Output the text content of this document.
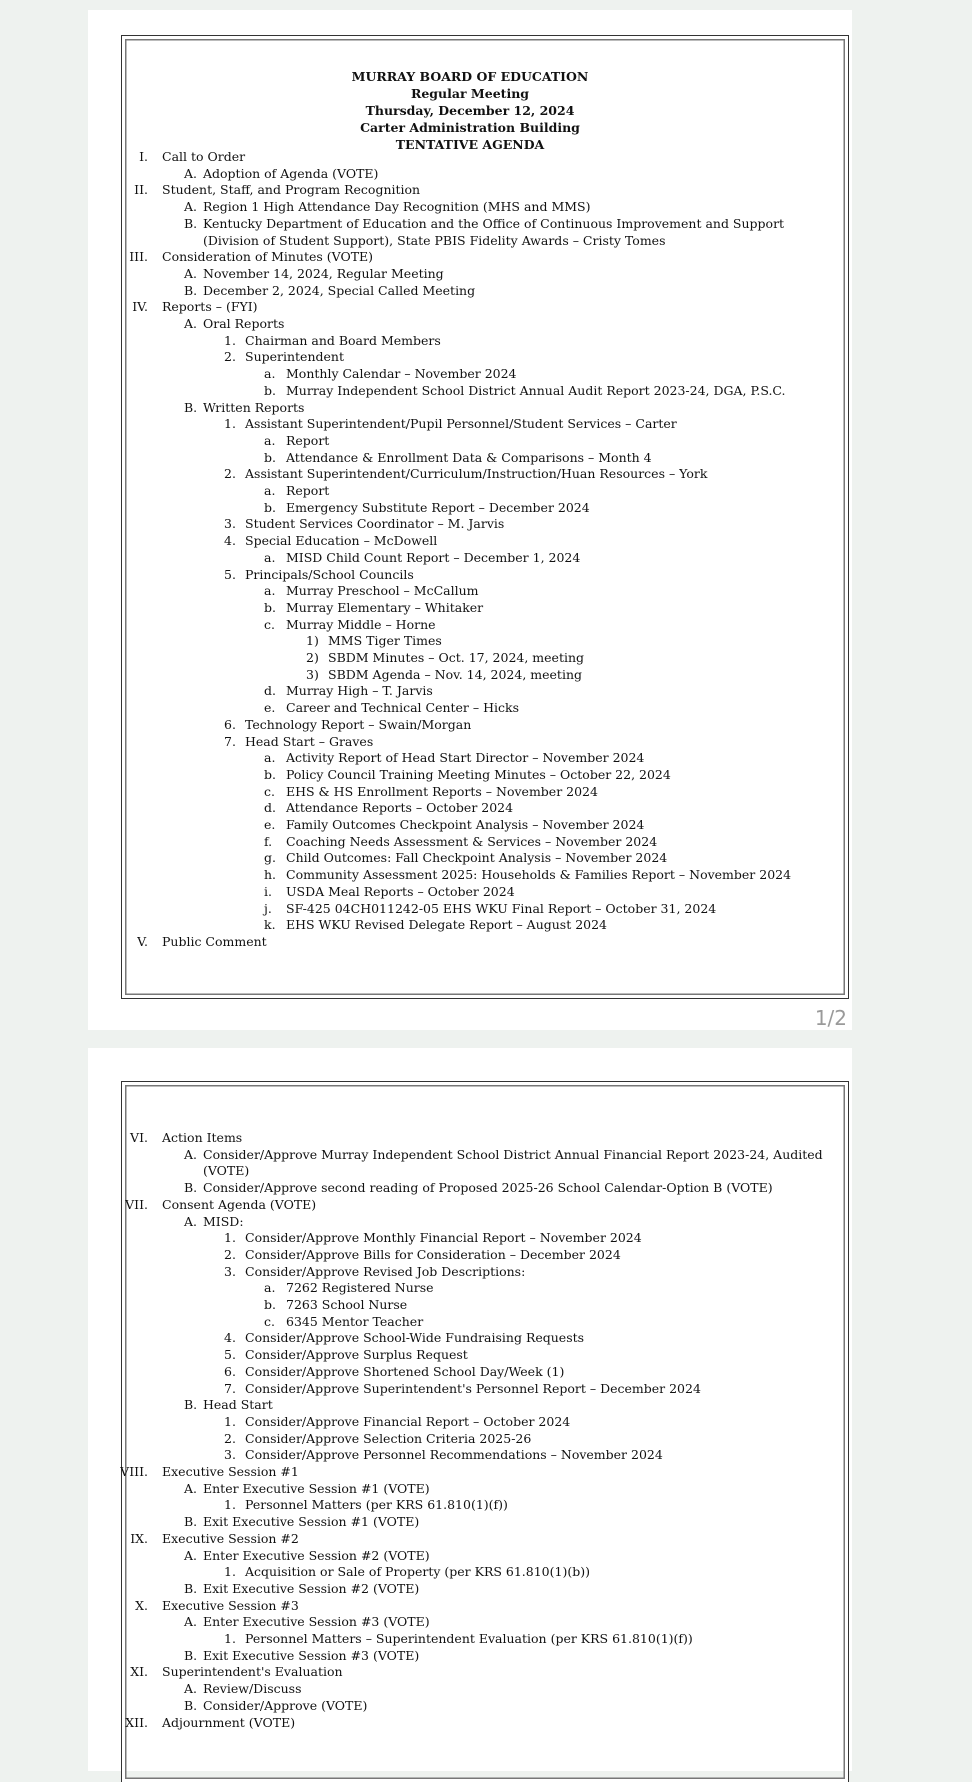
MURRAY BOARD OF EDUCATION
Regular Meeting
Thursday, December 12, 2024
Carter Administration Building
TENTATIVE AGENDA
I. Call to Order
A. Adoption of Agenda (VOTE)
II. Student, Staff, and Program Recognition
A. Region 1 High Attendance Day Recognition (MHS and MMS)
B. Kentucky Department of Education and the Office of Continuous Improvement and Support
(Division of Student Support), State PBIS Fidelity Awards – Cristy Tomes
III. Consideration of Minutes (VOTE)
A. November 14, 2024, Regular Meeting
B. December 2, 2024, Special Called Meeting
IV. Reports – (FYI)
A. Oral Reports
1. Chairman and Board Members
2. Superintendent
a. Monthly Calendar – November 2024
b. Murray Independent School District Annual Audit Report 2023-24, DGA, P.S.C.
B. Written Reports
1. Assistant Superintendent/Pupil Personnel/Student Services – Carter
a. Report
b. Attendance & Enrollment Data & Comparisons – Month 4
2. Assistant Superintendent/Curriculum/Instruction/Huan Resources – York
a. Report
b. Emergency Substitute Report – December 2024
3. Student Services Coordinator – M. Jarvis
4. Special Education – McDowell
a. MISD Child Count Report – December 1, 2024
5. Principals/School Councils
a. Murray Preschool – McCallum
b. Murray Elementary – Whitaker
c. Murray Middle – Horne
1) MMS Tiger Times
2) SBDM Minutes – Oct. 17, 2024, meeting
3) SBDM Agenda – Nov. 14, 2024, meeting
d. Murray High – T. Jarvis
e. Career and Technical Center – Hicks
6. Technology Report – Swain/Morgan
7. Head Start – Graves
a. Activity Report of Head Start Director – November 2024
b. Policy Council Training Meeting Minutes – October 22, 2024
c. EHS & HS Enrollment Reports – November 2024
d. Attendance Reports – October 2024
e. Family Outcomes Checkpoint Analysis – November 2024
f. Coaching Needs Assessment & Services – November 2024
g. Child Outcomes: Fall Checkpoint Analysis – November 2024
h. Community Assessment 2025: Households & Families Report – November 2024
i. USDA Meal Reports – October 2024
j. SF-425 04CH011242-05 EHS WKU Final Report – October 31, 2024
k. EHS WKU Revised Delegate Report – August 2024
V. Public Comment
1/2
VI. Action Items
A. Consider/Approve Murray Independent School District Annual Financial Report 2023-24, Audited
(VOTE)
B. Consider/Approve second reading of Proposed 2025-26 School Calendar-Option B (VOTE)
VII. Consent Agenda (VOTE)
A. MISD:
1. Consider/Approve Monthly Financial Report – November 2024
2. Consider/Approve Bills for Consideration – December 2024
3. Consider/Approve Revised Job Descriptions:
a. 7262 Registered Nurse
b. 7263 School Nurse
c. 6345 Mentor Teacher
4. Consider/Approve School-Wide Fundraising Requests
5. Consider/Approve Surplus Request
6. Consider/Approve Shortened School Day/Week (1)
7. Consider/Approve Superintendent's Personnel Report – December 2024
B. Head Start
1. Consider/Approve Financial Report – October 2024
2. Consider/Approve Selection Criteria 2025-26
3. Consider/Approve Personnel Recommendations – November 2024
VIII. Executive Session #1
A. Enter Executive Session #1 (VOTE)
1. Personnel Matters (per KRS 61.810(1)(f))
B. Exit Executive Session #1 (VOTE)
IX. Executive Session #2
A. Enter Executive Session #2 (VOTE)
1. Acquisition or Sale of Property (per KRS 61.810(1)(b))
B. Exit Executive Session #2 (VOTE)
X. Executive Session #3
A. Enter Executive Session #3 (VOTE)
1. Personnel Matters – Superintendent Evaluation (per KRS 61.810(1)(f))
B. Exit Executive Session #3 (VOTE)
XI. Superintendent's Evaluation
A. Review/Discuss
B. Consider/Approve (VOTE)
XII. Adjournment (VOTE)
